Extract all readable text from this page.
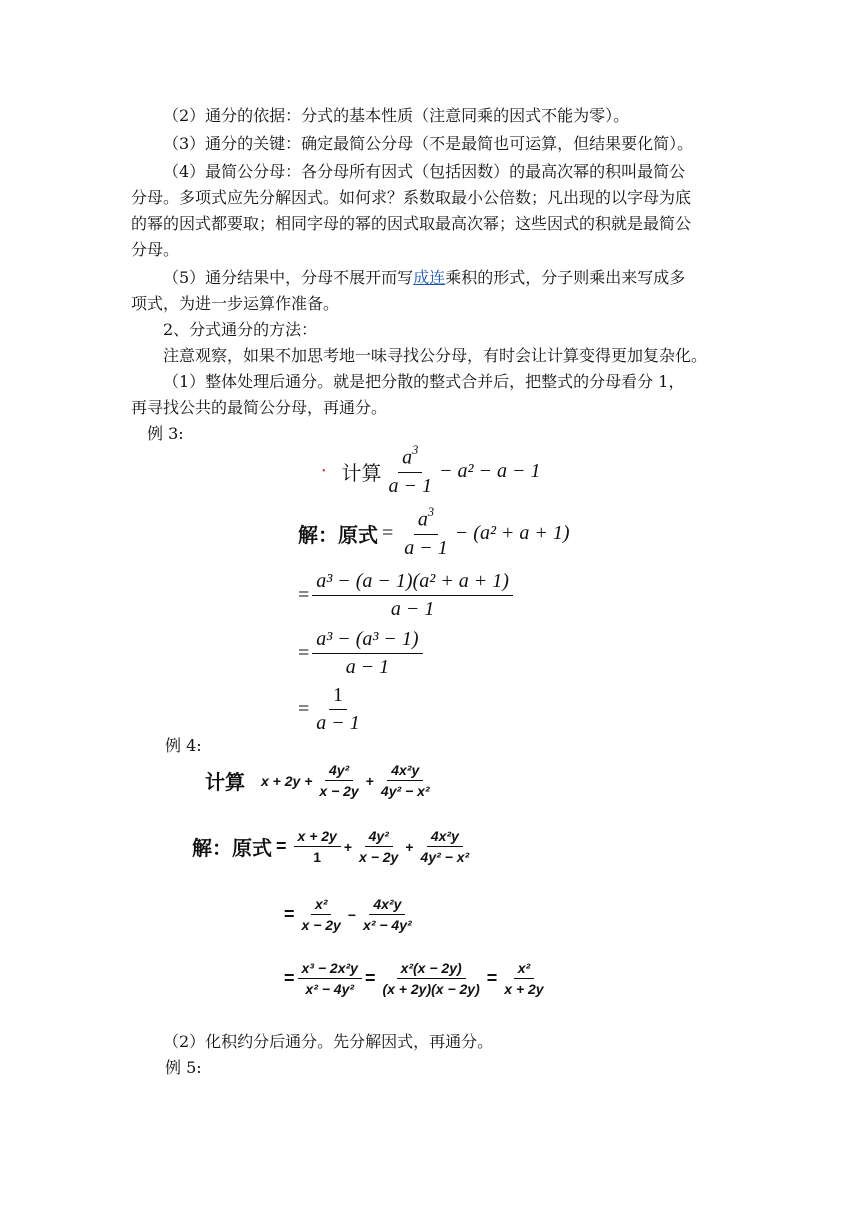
（2）通分的依据：分式的基本性质（注意同乘的因式不能为零）。
（3）通分的关键：确定最简公分母（不是最简也可运算，但结果要化简）。
（4）最简公分母：各分母所有因式（包括因数）的最高次幂的积叫最简公
分母。多项式应先分解因式。如何求？系数取最小公倍数；凡出现的以字母为底
的幂的因式都要取；相同字母的幂的因式取最高次幂；这些因式的积就是最简公
分母。
（5）通分结果中，分母不展开而写成连乘积的形式，分子则乘出来写成多
项式，为进一步运算作准备。
2、分式通分的方法：
注意观察，如果不加思考地一味寻找公分母，有时会让计算变得更加复杂化。
（1）整体处理后通分。就是把分散的整式合并后，把整式的分母看分 1，
再寻找公共的最简公分母，再通分。
例 3:
• 计算 $\frac{a^3}{a - 1} - a^2 - a - 1$
解：原式 = $\frac{a^3}{a - 1} - (a^2 + a + 1)$
= $\frac{\text{a³ − (a − 1)(a² + a + 1)}}{a - 1}$
= $\frac{\text{a³ − (a³ − 1)}}{a - 1}$
= $\frac{1}{a - 1}$
例 4:
计算 $x + 2y + \frac{\text{4y²}}{x - 2y} + \frac{\text{4x²y}}{\text{4y² − x²}}$
解：原式 = $\frac{x + 2y}{1} + \frac{\text{4y²}}{x - 2y} + \frac{\text{4x²y}}{\text{4y² − x²}}$
= $\frac{\text{x²}}{x - 2y} - \frac{\text{4x²y}}{\text{x² − 4y²}}$
= $\frac{\text{x³ − 2x²y}}{\text{x² − 4y²}} = \frac{\text{x²(x − 2y)}}{(x + 2y)(x - 2y)} = \frac{\text{x²}}{x + 2y}$
（2）化积约分后通分。先分解因式，再通分。
例 5:
